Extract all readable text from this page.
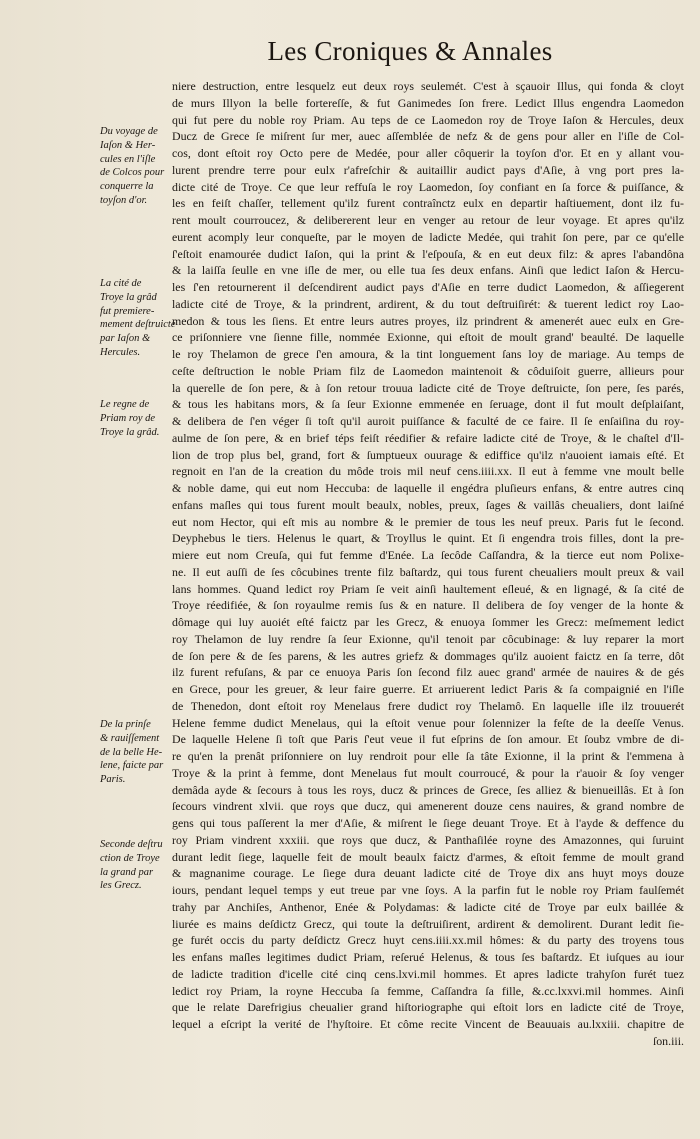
Les Croniques & Annales
niere destruction, entre lesquelz eut deux roys seulemét. C'est à sçauoir Illus, qui fonda & cloyt
de murs Illyon la belle fortereſſe, & fut Ganimedes ſon frere. Ledict Illus engendra Laomedon
qui fut pere du noble roy Priam. Au teps de ce Laomedon roy de Troye Iaſon & Hercules, deux
Ducz de Grece ſe miſrent ſur mer, auec aſſemblée de nefz & de gens pour aller en l'iſle de Col-
cos, dont eſtoit roy Octo pere de Medée, pour aller côquerir la toyſon d'or. Et en y allant vou-
lurent prendre terre pour eulx r'afreſchir & auitaillir audict pays d'Aſie, à vng port pres la-
dicte cité de Troye. Ce que leur reffuſa le roy Laomedon, ſoy confiant en ſa force & puiſſance, &
les en feiſt chaſſer, tellement qu'ilz furent contraînctz eulx en departir haſtiuement, dont ilz fu-
rent moult courroucez, & delibererent leur en venger au retour de leur voyage. Et apres qu'ilz
eurent acomply leur conqueſte, par le moyen de ladicte Medée, qui trahit ſon pere, par ce qu'elle
ſ'eſtoit enamourée dudict Iaſon, qui la print & l'eſpouſa, & en eut deux filz: & apres l'abandôna
& la laiſſa ſeulle en vne iſle de mer, ou elle tua ſes deux enfans. Ainſi que ledict Iaſon & Hercu-
les ſ'en retournerent il deſcendirent audict pays d'Aſie en terre dudict Laomedon, & aſſiegerent
ladicte cité de Troye, & la prindrent, ardirent, & du tout deſtruiſirét: & tuerent ledict roy Lao-
medon & tous les ſiens. Et entre leurs autres proyes, ilz prindrent & amenerét auec eulx en Gre-
ce priſonniere vne ſienne fille, nommée Exionne, qui eſtoit de moult grand' beaulté. De laquelle
le roy Thelamon de grece ſ'en amoura, & la tint longuement ſans loy de mariage. Au temps de
ceſte deſtruction le noble Priam filz de Laomedon maintenoit & côduiſoit guerre, allieurs pour
la querelle de ſon pere, & à ſon retour trouua ladicte cité de Troye deſtruicte, ſon pere, ſes parés,
& tous les habitans mors, & ſa ſeur Exionne emmenée en ſeruage, dont il fut moult deſplaiſant,
& delibera de ſ'en véger ſi toſt qu'il auroit puiſſance & faculté de ce faire. Il ſe enſaiſina du roy-
aulme de ſon pere, & en brief téps feiſt réedifier & refaire ladicte cité de Troye, & le chaſtel d'Il-
lion de trop plus bel, grand, fort & ſumptueux ouurage & ediffice qu'ilz n'auoient iamais eſté. Et
regnoit en l'an de la creation du môde trois mil neuf cens.iiii.xx. Il eut à femme vne moult belle
& noble dame, qui eut nom Heccuba: de laquelle il engédra pluſieurs enfans, & entre autres cinq
enfans maſles qui tous furent moult beaulx, nobles, preux, ſages & vaillâs cheualiers, dont laiſné
eut nom Hector, qui eſt mis au nombre & le premier de tous les neuf preux. Paris fut le ſecond.
Deyphebus le tiers. Helenus le quart, & Troyllus le quint. Et ſi engendra trois filles, dont la pre-
miere eut nom Creuſa, qui fut femme d'Enée. La ſecôde Caſſandra, & la tierce eut nom Polixe-
ne. Il eut auſſi de ſes côcubines trente filz baſtardz, qui tous furent cheualiers moult preux & vail
lans hommes. Quand ledict roy Priam ſe veit ainſi haultement eſleué, & en lignagé, & ſa cité de
Troye réedifiée, & ſon royaulme remis ſus & en nature. Il delibera de ſoy venger de la honte &
dômage qui luy auoiét eſté faictz par les Grecz, & enuoya ſommer les Grecz: meſmement ledict
roy Thelamon de luy rendre ſa ſeur Exionne, qu'il tenoit par côcubinage: & luy reparer la mort
de ſon pere & de ſes parens, & les autres griefz & dommages qu'ilz auoient faictz en ſa terre, dôt
ilz furent refuſans, & par ce enuoya Paris ſon ſecond filz auec grand' armée de nauires & de gés
en Grece, pour les greuer, & leur faire guerre. Et arriuerent ledict Paris & ſa compaignié en l'iſle
de Thenedon, dont eſtoit roy Menelaus frere dudict roy Thelamô. En laquelle iſle ilz trouuerét
Helene femme dudict Menelaus, qui la eſtoit venue pour ſolennizer la feſte de la deeſſe Venus.
De laquelle Helene ſi toſt que Paris ſ'eut veue il fut eſprins de ſon amour. Et ſoubz vmbre de di-
re qu'en la prenât priſonniere on luy rendroit pour elle ſa tâte Exionne, il la print & l'emmena à
Troye & la print à femme, dont Menelaus fut moult courroucé, & pour la r'auoir & ſoy venger
demâda ayde & ſecours à tous les roys, ducz & princes de Grece, ſes alliez & bienueillâs. Et à ſon
ſecours vindrent xlvii. que roys que ducz, qui amenerent douze cens nauires, & grand nombre de
gens qui tous paſſerent la mer d'Aſie, & miſrent le ſiege deuant Troye. Et à l'ayde & deffence du
roy Priam vindrent xxxiii. que roys que ducz, & Panthaſilée royne des Amazonnes, qui ſuruint
durant ledit ſiege, laquelle feit de moult beaulx faictz d'armes, & eſtoit femme de moult grand
& magnanime courage. Le ſiege dura deuant ladicte cité de Troye dix ans huyt moys douze
iours, pendant lequel temps y eut treue par vne ſoys. A la parfin fut le noble roy Priam faulſemét
trahy par Anchiſes, Anthenor, Enée & Polydamas: & ladicte cité de Troye par eulx baillée &
liurée es mains deſdictz Grecz, qui toute la deſtruiſirent, ardirent & demolirent. Durant ledit ſie-
ge furét occis du party deſdictz Grecz huyt cens.iiii.xx.mil hômes: & du party des troyens tous
les enfans maſles legitimes dudict Priam, reſerué Helenus, & tous ſes baſtardz. Et iuſques au iour
de ladicte tradition d'icelle cité cinq cens.lxvi.mil hommes. Et apres ladicte trahyſon furét tuez
ledict roy Priam, la royne Heccuba ſa femme, Caſſandra ſa fille, &.cc.lxxvi.mil hommes. Ainſi
que le relate Darefrigius cheualier grand hiſtoriographe qui eſtoit lors en ladicte cité de Troye,
lequel a eſcript la verité de l'hyſtoire. Et côme recite Vincent de Beauuais au.lxxiii. chapitre de
ſon.iii.
Du voyage de
Iaſon & Her-
cules en l'iſle
de Colcos pour
conquerre la
toyſon d'or.
La cité de
Troye la grâd
fut premiere-
mement deſtruicte
par Iaſon &
Hercules.
Le regne de
Priam roy de
Troye la grâd.
De la prinſe
& rauiſſement
de la belle He-
lene, faicte par
Paris.
Seconde deſtru
ction de Troye
la grand par
les Grecz.
